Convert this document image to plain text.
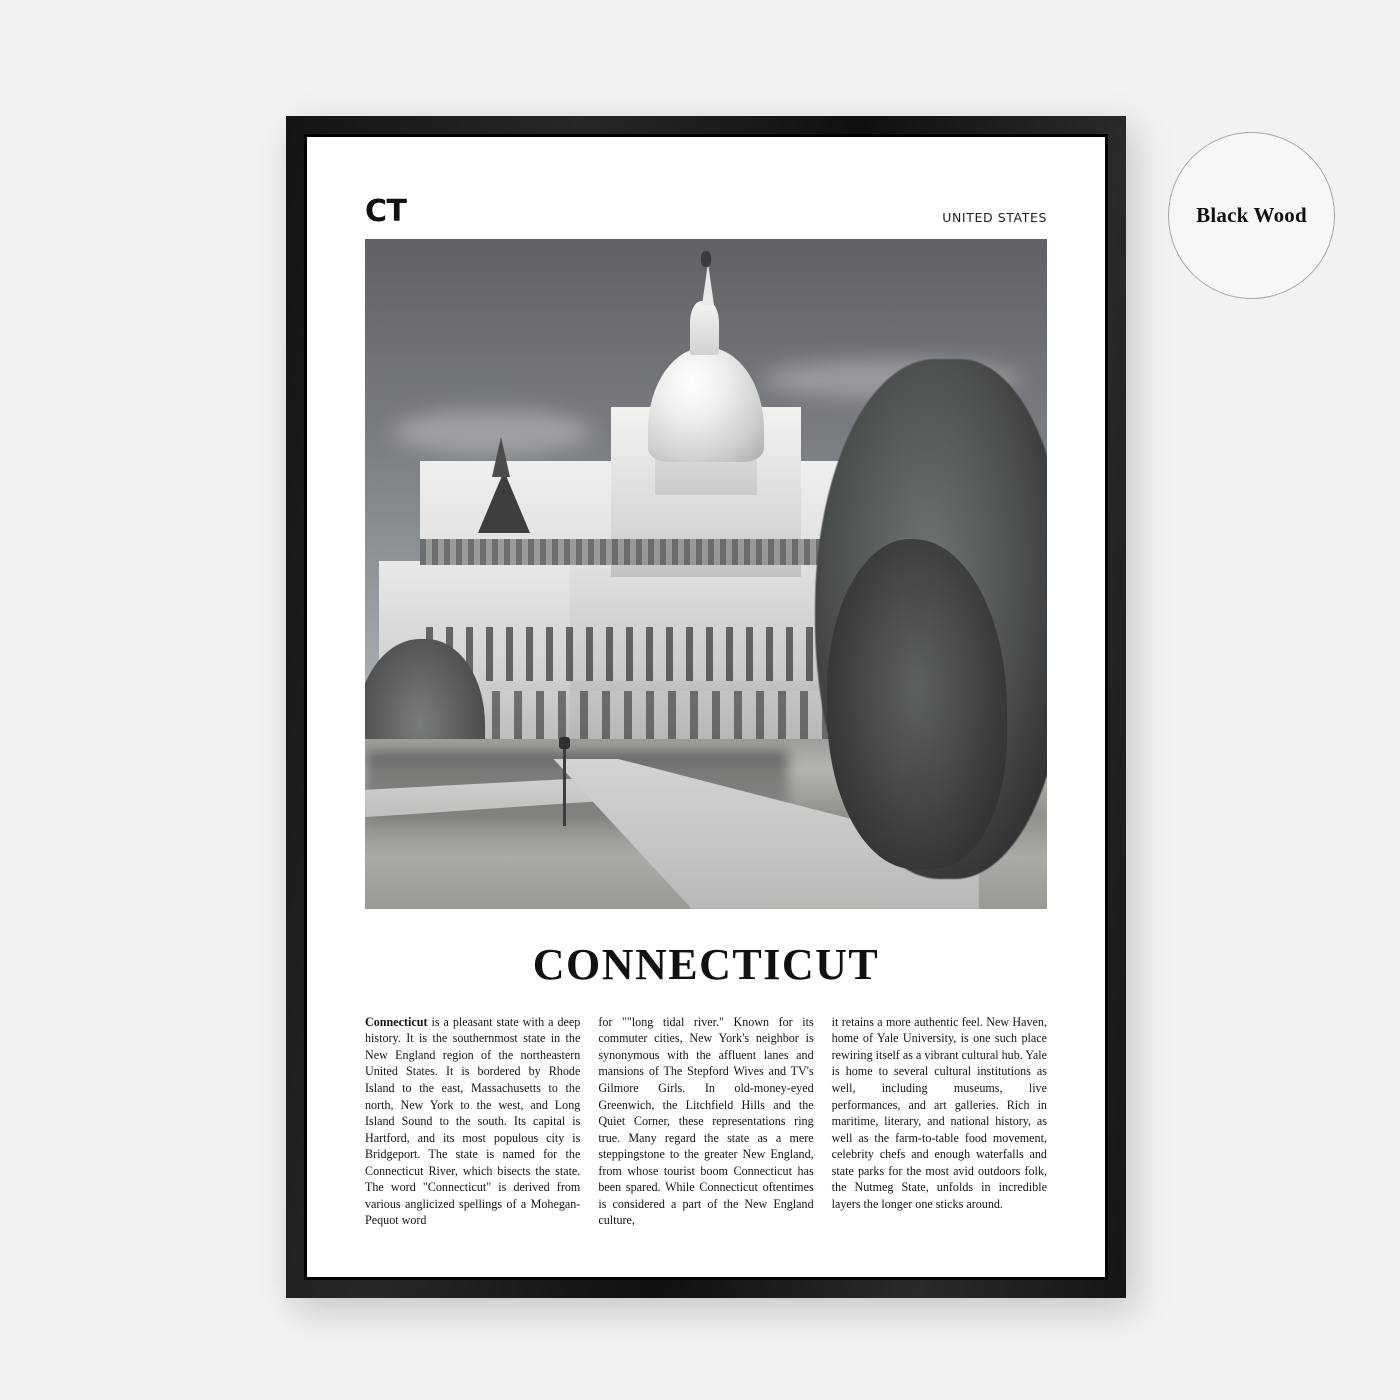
Black Wood
CT	UNITED STATES
CONNECTICUT
Connecticut is a pleasant state with a deep history. It is the southernmost state in the New England region of the northeastern United States. It is bordered by Rhode Island to the east, Massachusetts to the north, New York to the west, and Long Island Sound to the south. Its capital is Hartford, and its most populous city is Bridgeport. The state is named for the Connecticut River, which bisects the state. The word "Connecticut" is derived from various anglicized spellings of a Mohegan-Pequot word
for ""long tidal river." Known for its commuter cities, New York's neighbor is synonymous with the affluent lanes and mansions of The Stepford Wives and TV's Gilmore Girls. In old-money-eyed Greenwich, the Litchfield Hills and the Quiet Corner, these representations ring true. Many regard the state as a mere steppingstone to the greater New England, from whose tourist boom Connecticut has been spared. While Connecticut oftentimes is considered a part of the New England culture,
it retains a more authentic feel. New Haven, home of Yale University, is one such place rewiring itself as a vibrant cultural hub. Yale is home to several cultural institutions as well, including museums, live performances, and art galleries. Rich in maritime, literary, and national history, as well as the farm-to-table food movement, celebrity chefs and enough waterfalls and state parks for the most avid outdoors folk, the Nutmeg State, unfolds in incredible layers the longer one sticks around.
